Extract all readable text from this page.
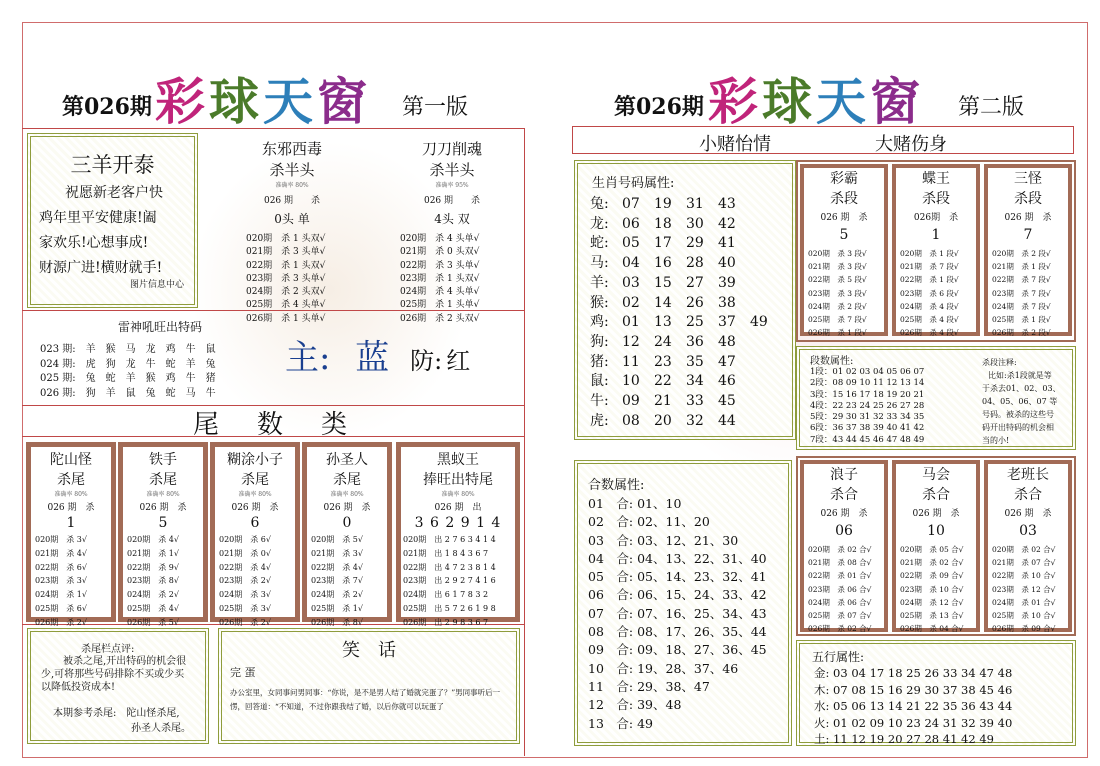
第026期 彩球天窗 第一版	第026期 彩球天窗 第二版
三羊开泰
祝愿新老客户快
鸡年里平安健康!阖
家欢乐!心想事成!
财源广进!横财就手!
图片信息中心
东邪西毒
杀半头
准确率 80%
026 期　　杀
0头 单
020期　杀 1 头双√
021期　杀 3 头单√
022期　杀 1 头双√
023期　杀 3 头单√
024期　杀 2 头双√
025期　杀 4 头单√
026期　杀 1 头单√
刀刀削魂
杀半头
准确率 95%
026 期　　杀
4头 双
020期　杀 4 头单√
021期　杀 0 头双√
022期　杀 3 头单√
023期　杀 1 头双√
024期　杀 4 头单√
025期　杀 1 头单√
026期　杀 2 头双√
雷神吼旺出特码
023 期:　羊　猴　马　龙　鸡　牛　鼠
024 期:　虎　狗　龙　牛　蛇　羊　兔
025 期:　兔　蛇　羊　猴　鸡　牛　猪
026 期:　狗　羊　鼠　兔　蛇　马　牛
主: 蓝 防: 红
尾　数　类
陀山怪
杀尾
准确率 80%
026 期　杀
1
020期　杀 3√
021期　杀 4√
022期　杀 6√
023期　杀 3√
024期　杀 1√
025期　杀 6√
026期　杀 2√
铁手
杀尾
准确率 80%
026 期　杀
5
020期　杀 4√
021期　杀 1√
022期　杀 9√
023期　杀 8√
024期　杀 2√
025期　杀 4√
026期　杀 5√
糊涂小子
杀尾
准确率 80%
026 期　杀
6
020期　杀 6√
021期　杀 0√
022期　杀 4√
023期　杀 2√
024期　杀 3√
025期　杀 3√
026期　杀 2√
孙圣人
杀尾
准确率 80%
026 期　杀
0
020期　杀 5√
021期　杀 3√
022期　杀 4√
023期　杀 7√
024期　杀 2√
025期　杀 1√
026期　杀 8√
黑蚁王
捧旺出特尾
准确率 80%
026 期　出
3 6 2 9 1 4
020期　出 2 7 6 3 4 1 4
021期　出 1 8 4 3 6 7
022期　出 4 7 2 3 8 1 4
023期　出 2 9 2 7 4 1 6
024期　出 6 1 7 8 3 2
025期　出 5 7 2 6 1 9 8
026期　出 2 9 8 3 6 7
杀尾栏点评:
被杀之尾,开出特码的机会很
少,可将那些号码排除不买或少买
以降低投资成本!
本期参考杀尾:　陀山怪杀尾,
孙圣人杀尾。
笑　话
完 蛋
办公室里，女同事问男同事：“你说，是不是男人结了婚就完蛋了？”男同事听后一愣，回答道：“不知道，不过你跟我结了婚，以后你就可以玩蛋了
小赌怡情	大赌伤身
生肖号码属性:
兔: 07	19	31	43
龙: 06	18	30	42
蛇: 05	17	29	41
马: 04	16	28	40
羊: 03	15	27	39
猴: 02	14	26	38
鸡: 01	13	25	37	49
狗: 12	24	36	48
猪: 11	23	35	47
鼠: 10	22	34	46
牛: 09	21	33	45
虎: 08	20	32	44
彩霸
杀段
026 期　杀
5
020期　杀 3 段√
021期　杀 3 段√
022期　杀 5 段√
023期　杀 3 段√
024期　杀 2 段√
025期　杀 7 段√
026期　杀 1 段√
蝶王
杀段
026期　杀
1
020期　杀 1 段√
021期　杀 7 段√
022期　杀 1 段√
023期　杀 6 段√
024期　杀 4 段√
025期　杀 4 段√
026期　杀 4 段√
三怪
杀段
026 期　杀
7
020期　杀 2 段√
021期　杀 1 段√
022期　杀 7 段√
023期　杀 7 段√
024期　杀 7 段√
025期　杀 1 段√
026期　杀 2 段√
段数属性:
1段：01 02 03 04 05 06 07
2段：08 09 10 11 12 13 14
3段：15 16 17 18 19 20 21
4段：22 23 24 25 26 27 28
5段：29 30 31 32 33 34 35
6段：36 37 38 39 40 41 42
7段：43 44 45 46 47 48 49
杀段注释:
比如:杀1段就是等
于杀去01、02、03、
04、05、06、07 等
号码。被杀的这些号
码开出特码的机会相
当的小!
合数属性:
01　合: 01、10
02　合: 02、11、20
03　合: 03、12、21、30
04　合: 04、13、22、31、40
05　合: 05、14、23、32、41
06　合: 06、15、24、33、42
07　合: 07、16、25、34、43
08　合: 08、17、26、35、44
09　合: 09、18、27、36、45
10　合: 19、28、37、46
11　合: 29、38、47
12　合: 39、48
13　合: 49
浪子
杀合
026 期　杀
06
020期　杀 02 合√
021期　杀 08 合√
022期　杀 01 合√
023期　杀 06 合√
024期　杀 06 合√
025期　杀 07 合√
026期　杀 02 合√
马会
杀合
026 期　杀
10
020期　杀 05 合√
021期　杀 02 合√
022期　杀 09 合√
023期　杀 10 合√
024期　杀 12 合√
025期　杀 13 合√
026期　杀 04 合√
老班长
杀合
026 期　杀
03
020期　杀 02 合√
021期　杀 07 合√
022期　杀 10 合√
023期　杀 12 合√
024期　杀 01 合√
025期　杀 10 合√
026期　杀 09 合√
五行属性:
金: 03 04 17 18 25 26 33 34 47 48
木: 07 08 15 16 29 30 37 38 45 46
水: 05 06 13 14 21 22 35 36 43 44
火: 01 02 09 10 23 24 31 32 39 40
土: 11 12 19 20 27 28 41 42 49
